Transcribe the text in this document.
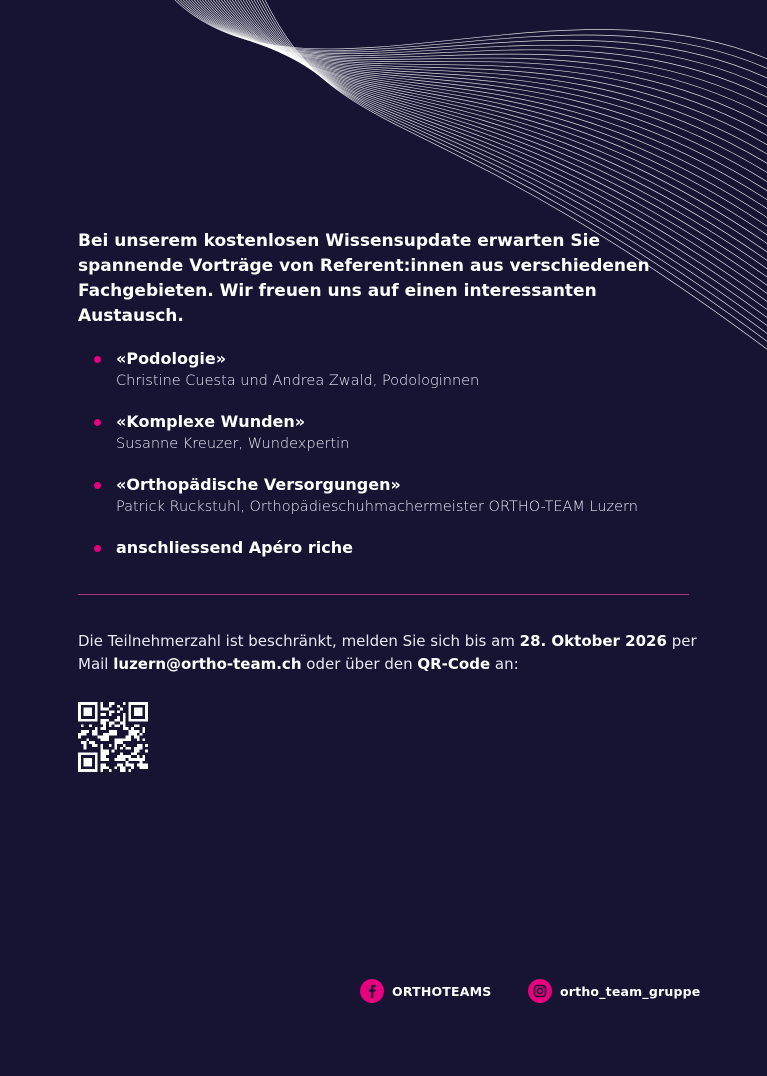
Bei unserem kostenlosen Wissensupdate erwarten Sie spannende Vorträge von Referent:innen aus verschiedenen Fachgebieten. Wir freuen uns auf einen interessanten Austausch.

«Podologie»
Christine Cuesta und Andrea Zwald, Podologinnen
«Komplexe Wunden»
Susanne Kreuzer, Wundexpertin
«Orthopädische Versorgungen»
Patrick Ruckstuhl, Orthopädieschuhmachermeister ORTHO-TEAM Luzern
anschliessend Apéro riche

Die Teilnehmerzahl ist beschränkt, melden Sie sich bis am 28. Oktober 2026 per Mail luzern@ortho-team.ch oder über den QR-Code an:

ORTHOTEAMS	ortho_team_gruppe
